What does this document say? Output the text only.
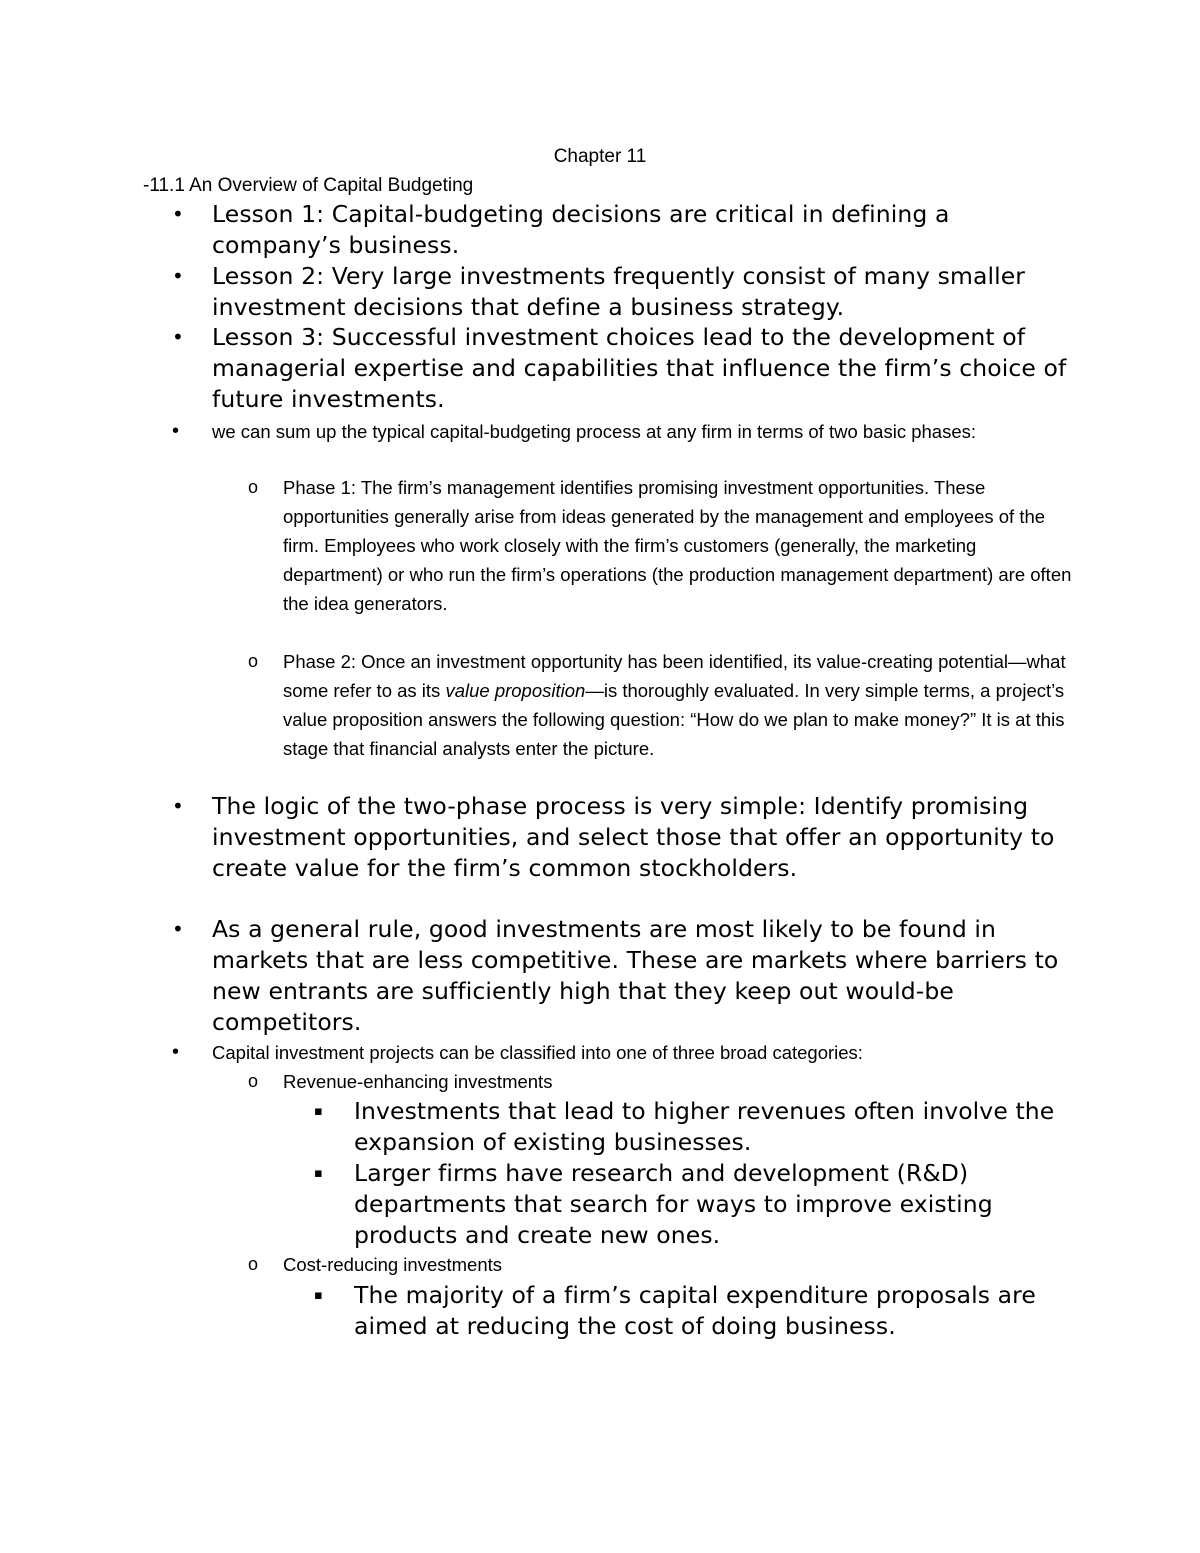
Chapter 11
-11.1 An Overview of Capital Budgeting
• Lesson 1: Capital-budgeting decisions are critical in defining a company’s business.
• Lesson 2: Very large investments frequently consist of many smaller investment decisions that define a business strategy.
• Lesson 3: Successful investment choices lead to the development of managerial expertise and capabilities that influence the firm’s choice of future investments.
• we can sum up the typical capital-budgeting process at any firm in terms of two basic phases:
o Phase 1: The firm’s management identifies promising investment opportunities. These opportunities generally arise from ideas generated by the management and employees of the firm. Employees who work closely with the firm’s customers (generally, the marketing department) or who run the firm’s operations (the production management department) are often the idea generators.
o Phase 2: Once an investment opportunity has been identified, its value-creating potential—what some refer to as its value proposition—is thoroughly evaluated. In very simple terms, a project’s value proposition answers the following question: “How do we plan to make money?” It is at this stage that financial analysts enter the picture.
• The logic of the two-phase process is very simple: Identify promising investment opportunities, and select those that offer an opportunity to create value for the firm’s common stockholders.
• As a general rule, good investments are most likely to be found in markets that are less competitive. These are markets where barriers to new entrants are sufficiently high that they keep out would-be competitors.
• Capital investment projects can be classified into one of three broad categories:
o Revenue-enhancing investments
▪ Investments that lead to higher revenues often involve the expansion of existing businesses.
▪ Larger firms have research and development (R&D) departments that search for ways to improve existing products and create new ones.
o Cost-reducing investments
▪ The majority of a firm’s capital expenditure proposals are aimed at reducing the cost of doing business.
